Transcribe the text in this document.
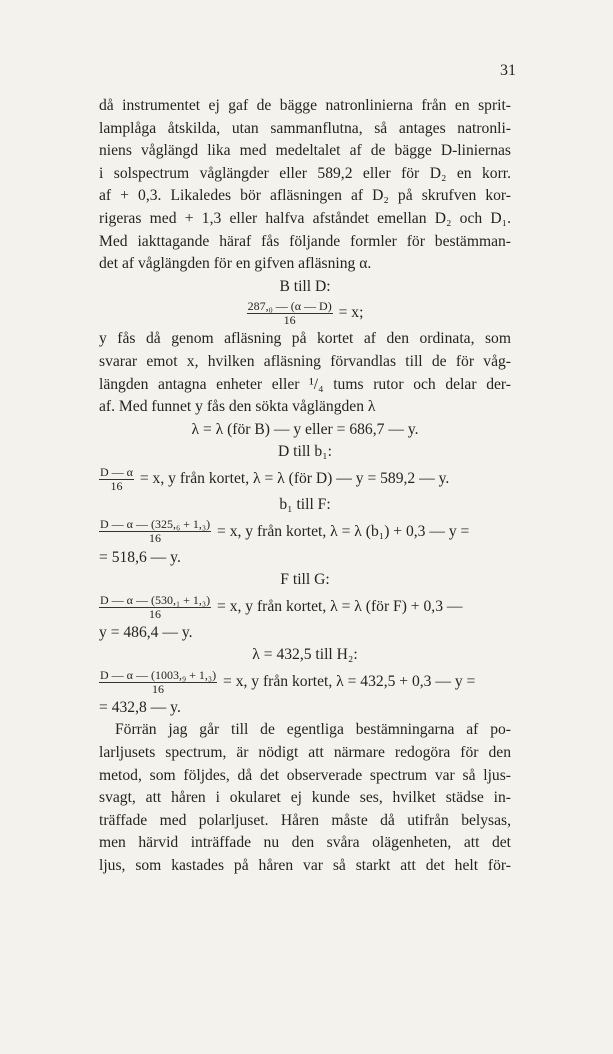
31
då instrumentet ej gaf de bägge natronlinierna från en sprit-
lamplåga åtskilda, utan sammanflutna, så antages natronli-
niens våglängd lika med medeltalet af de bägge D-liniernas
i solspectrum våglängder eller 589,2 eller för D₂ en korr.
af + 0,3. Likaledes bör afläsningen af D₂ på skrufven kor-
rigeras med + 1,3 eller halfva afståndet emellan D₂ och D₁.
Med iakttagande häraf fås följande formler för bestämman-
det af våglängden för en gifven afläsning α.
B till D:
$\frac{\text{287,₀ — (α — D)}}{16} = x$;
y fås då genom afläsning på kortet af den ordinata, som
svarar emot x, hvilken afläsning förvandlas till de för våg-
längden antagna enheter eller ¹/₄ tums rutor och delar der-
af. Med funnet y fås den sökta våglängden λ
λ = λ (för B) — y eller = 686,7 — y.
D till b₁:
$\frac{D — \alpha}{16} = x$, y från kortet, λ = λ (för D) — y = 589,2 — y.
b₁ till F:
$\frac{\text{D — α — (325,₆ + 1,₃)}}{16} = x$, y från kortet, λ = λ (b₁) + 0,3 — y =
= 518,6 — y.
F till G:
$\frac{\text{D — α — (530,₁ + 1,₃)}}{16} = x$, y från kortet, λ = λ (för F) + 0,3 —
y = 486,4 — y.
λ = 432,5 till H₂:
$\frac{\text{D — α — (1003,₉ + 1,₃)}}{16} = x$, y från kortet, λ = 432,5 + 0,3 — y =
= 432,8 — y.
Förrän jag går till de egentliga bestämningarna af po-
larljusets spectrum, är nödigt att närmare redogöra för den
metod, som följdes, då det observerade spectrum var så ljus-
svagt, att håren i okularet ej kunde ses, hvilket städse in-
träffade med polarljuset. Håren måste då utifrån belysas,
men härvid inträffade nu den svåra olägenheten, att det
ljus, som kastades på håren var så starkt att det helt för-
